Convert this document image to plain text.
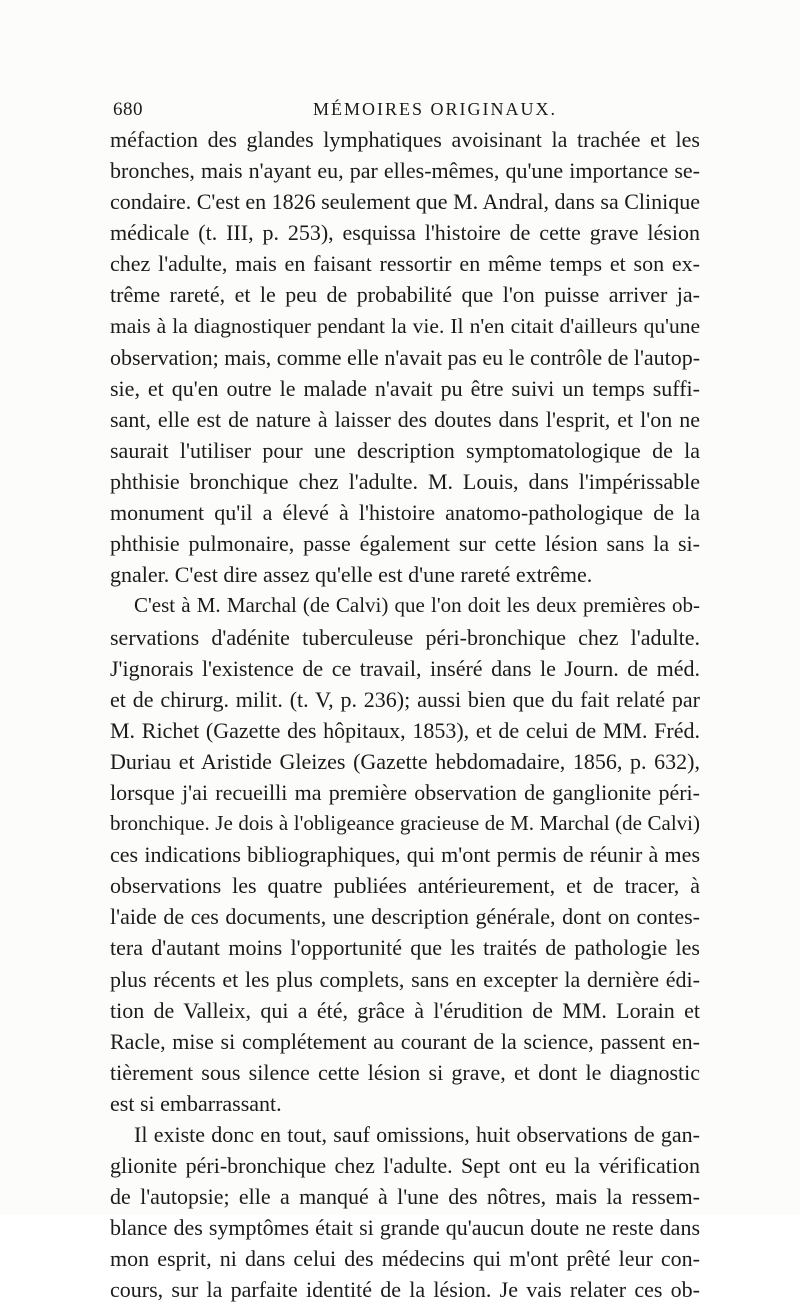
680	MÉMOIRES ORIGINAUX.
méfaction des glandes lymphatiques avoisinant la trachée et les
bronches, mais n'ayant eu, par elles-mêmes, qu'une importance se-
condaire. C'est en 1826 seulement que M. Andral, dans sa Clinique
médicale (t. III, p. 253), esquissa l'histoire de cette grave lésion
chez l'adulte, mais en faisant ressortir en même temps et son ex-
trême rareté, et le peu de probabilité que l'on puisse arriver ja-
mais à la diagnostiquer pendant la vie. Il n'en citait d'ailleurs qu'une
observation; mais, comme elle n'avait pas eu le contrôle de l'autop-
sie, et qu'en outre le malade n'avait pu être suivi un temps suffi-
sant, elle est de nature à laisser des doutes dans l'esprit, et l'on ne
saurait l'utiliser pour une description symptomatologique de la
phthisie bronchique chez l'adulte. M. Louis, dans l'impérissable
monument qu'il a élevé à l'histoire anatomo-pathologique de la
phthisie pulmonaire, passe également sur cette lésion sans la si-
gnaler. C'est dire assez qu'elle est d'une rareté extrême.
C'est à M. Marchal (de Calvi) que l'on doit les deux premières ob-
servations d'adénite tuberculeuse péri-bronchique chez l'adulte.
J'ignorais l'existence de ce travail, inséré dans le Journ. de méd.
et de chirurg. milit. (t. V, p. 236); aussi bien que du fait relaté par
M. Richet (Gazette des hôpitaux, 1853), et de celui de MM. Fréd.
Duriau et Aristide Gleizes (Gazette hebdomadaire, 1856, p. 632),
lorsque j'ai recueilli ma première observation de ganglionite péri-
bronchique. Je dois à l'obligeance gracieuse de M. Marchal (de Calvi)
ces indications bibliographiques, qui m'ont permis de réunir à mes
observations les quatre publiées antérieurement, et de tracer, à
l'aide de ces documents, une description générale, dont on contes-
tera d'autant moins l'opportunité que les traités de pathologie les
plus récents et les plus complets, sans en excepter la dernière édi-
tion de Valleix, qui a été, grâce à l'érudition de MM. Lorain et
Racle, mise si complétement au courant de la science, passent en-
tièrement sous silence cette lésion si grave, et dont le diagnostic
est si embarrassant.
Il existe donc en tout, sauf omissions, huit observations de gan-
glionite péri-bronchique chez l'adulte. Sept ont eu la vérification
de l'autopsie; elle a manqué à l'une des nôtres, mais la ressem-
blance des symptômes était si grande qu'aucun doute ne reste dans
mon esprit, ni dans celui des médecins qui m'ont prêté leur con-
cours, sur la parfaite identité de la lésion. Je vais relater ces ob-
